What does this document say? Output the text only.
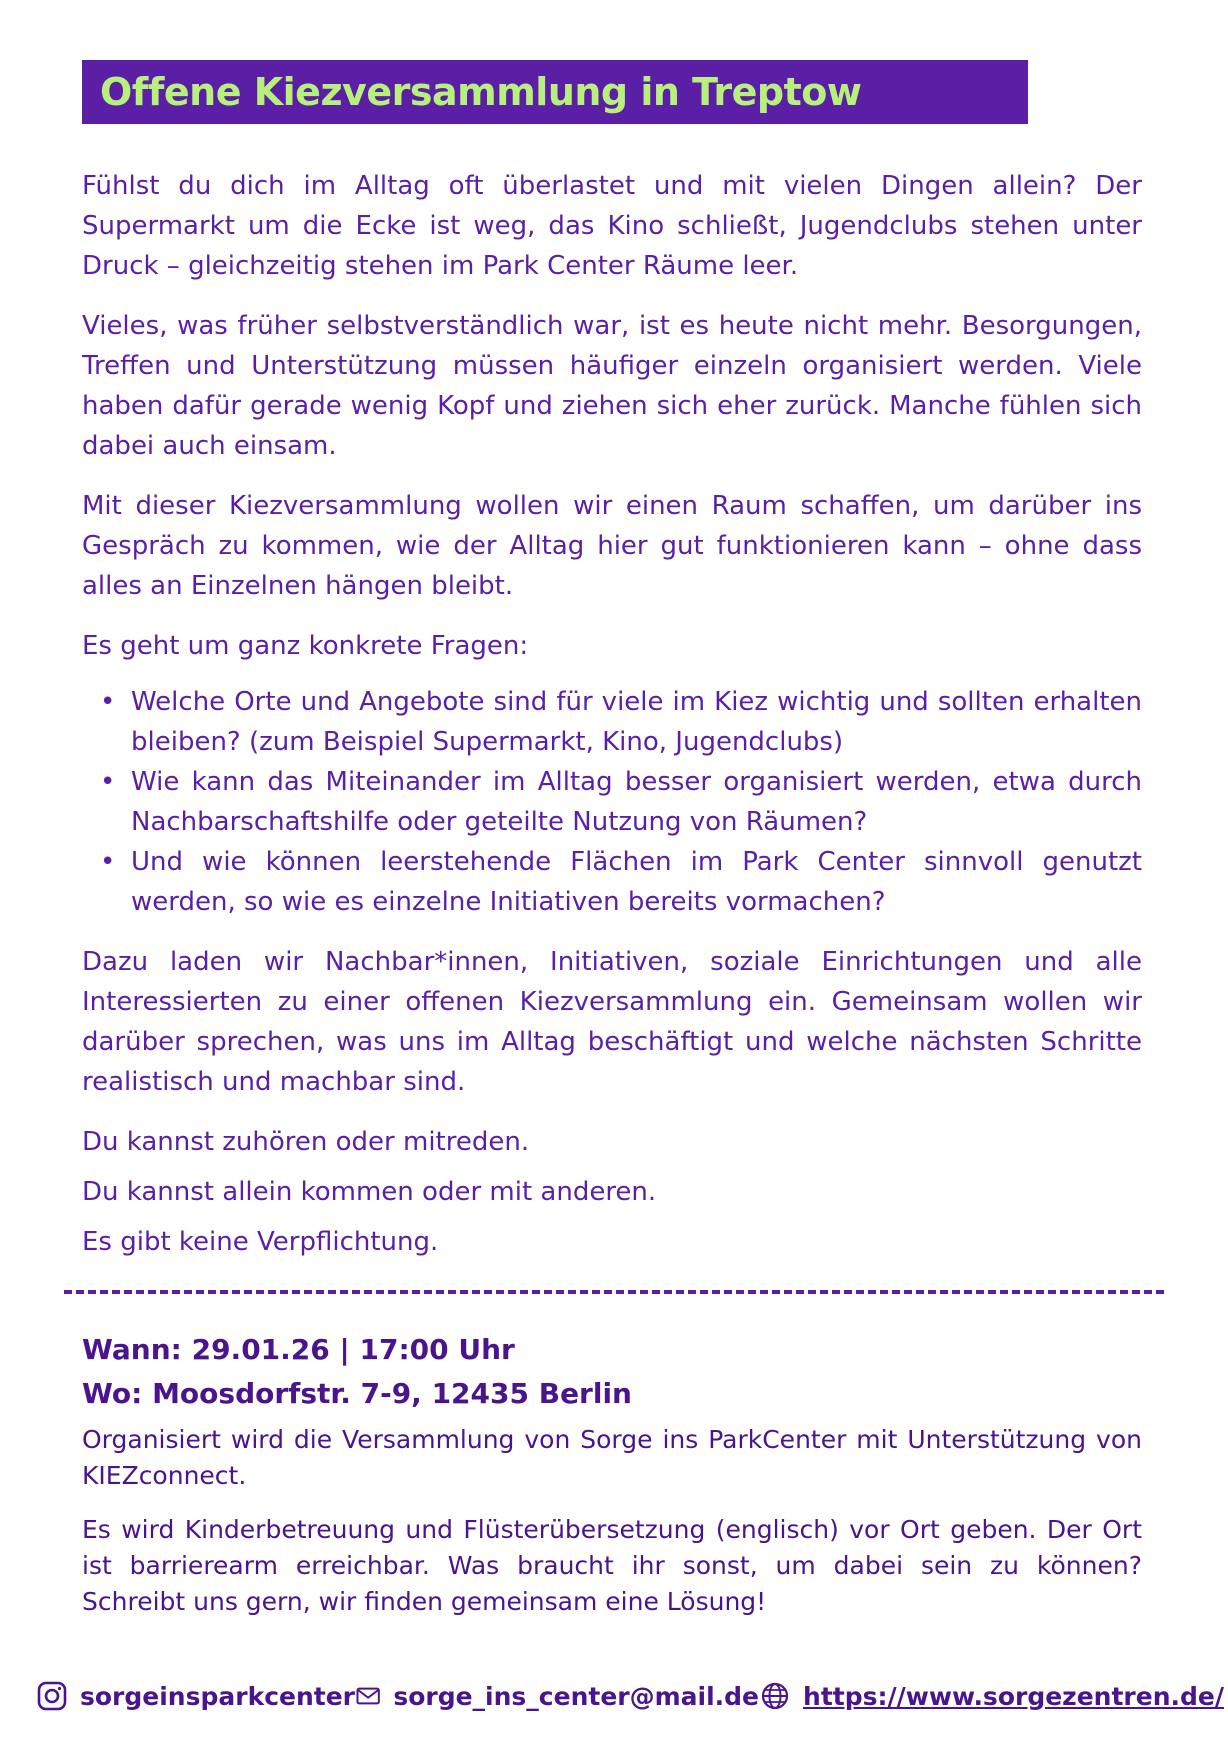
Offene Kiezversammlung in Treptow

Fühlst du dich im Alltag oft überlastet und mit vielen Dingen allein? Der Supermarkt um die Ecke ist weg, das Kino schließt, Jugendclubs stehen unter Druck – gleichzeitig stehen im Park Center Räume leer.

Vieles, was früher selbstverständlich war, ist es heute nicht mehr. Besorgungen, Treffen und Unterstützung müssen häufiger einzeln organisiert werden. Viele haben dafür gerade wenig Kopf und ziehen sich eher zurück. Manche fühlen sich dabei auch einsam.

Mit dieser Kiezversammlung wollen wir einen Raum schaffen, um darüber ins Gespräch zu kommen, wie der Alltag hier gut funktionieren kann – ohne dass alles an Einzelnen hängen bleibt.

Es geht um ganz konkrete Fragen:

• Welche Orte und Angebote sind für viele im Kiez wichtig und sollten erhalten bleiben? (zum Beispiel Supermarkt, Kino, Jugendclubs)
• Wie kann das Miteinander im Alltag besser organisiert werden, etwa durch Nachbarschaftshilfe oder geteilte Nutzung von Räumen?
• Und wie können leerstehende Flächen im Park Center sinnvoll genutzt werden, so wie es einzelne Initiativen bereits vormachen?

Dazu laden wir Nachbar*innen, Initiativen, soziale Einrichtungen und alle Interessierten zu einer offenen Kiezversammlung ein. Gemeinsam wollen wir darüber sprechen, was uns im Alltag beschäftigt und welche nächsten Schritte realistisch und machbar sind.

Du kannst zuhören oder mitreden.

Du kannst allein kommen oder mit anderen.

Es gibt keine Verpflichtung.

Wann: 29.01.26 | 17:00 Uhr
Wo: Moosdorfstr. 7-9, 12435 Berlin

Organisiert wird die Versammlung von Sorge ins ParkCenter mit Unterstützung von KIEZconnect.

Es wird Kinderbetreuung und Flüsterübersetzung (englisch) vor Ort geben. Der Ort ist barrierearm erreichbar. Was braucht ihr sonst, um dabei sein zu können? Schreibt uns gern, wir finden gemeinsam eine Lösung!

sorgeinsparkcenter sorge_ins_center@mail.de https://www.sorgezentren.de/
